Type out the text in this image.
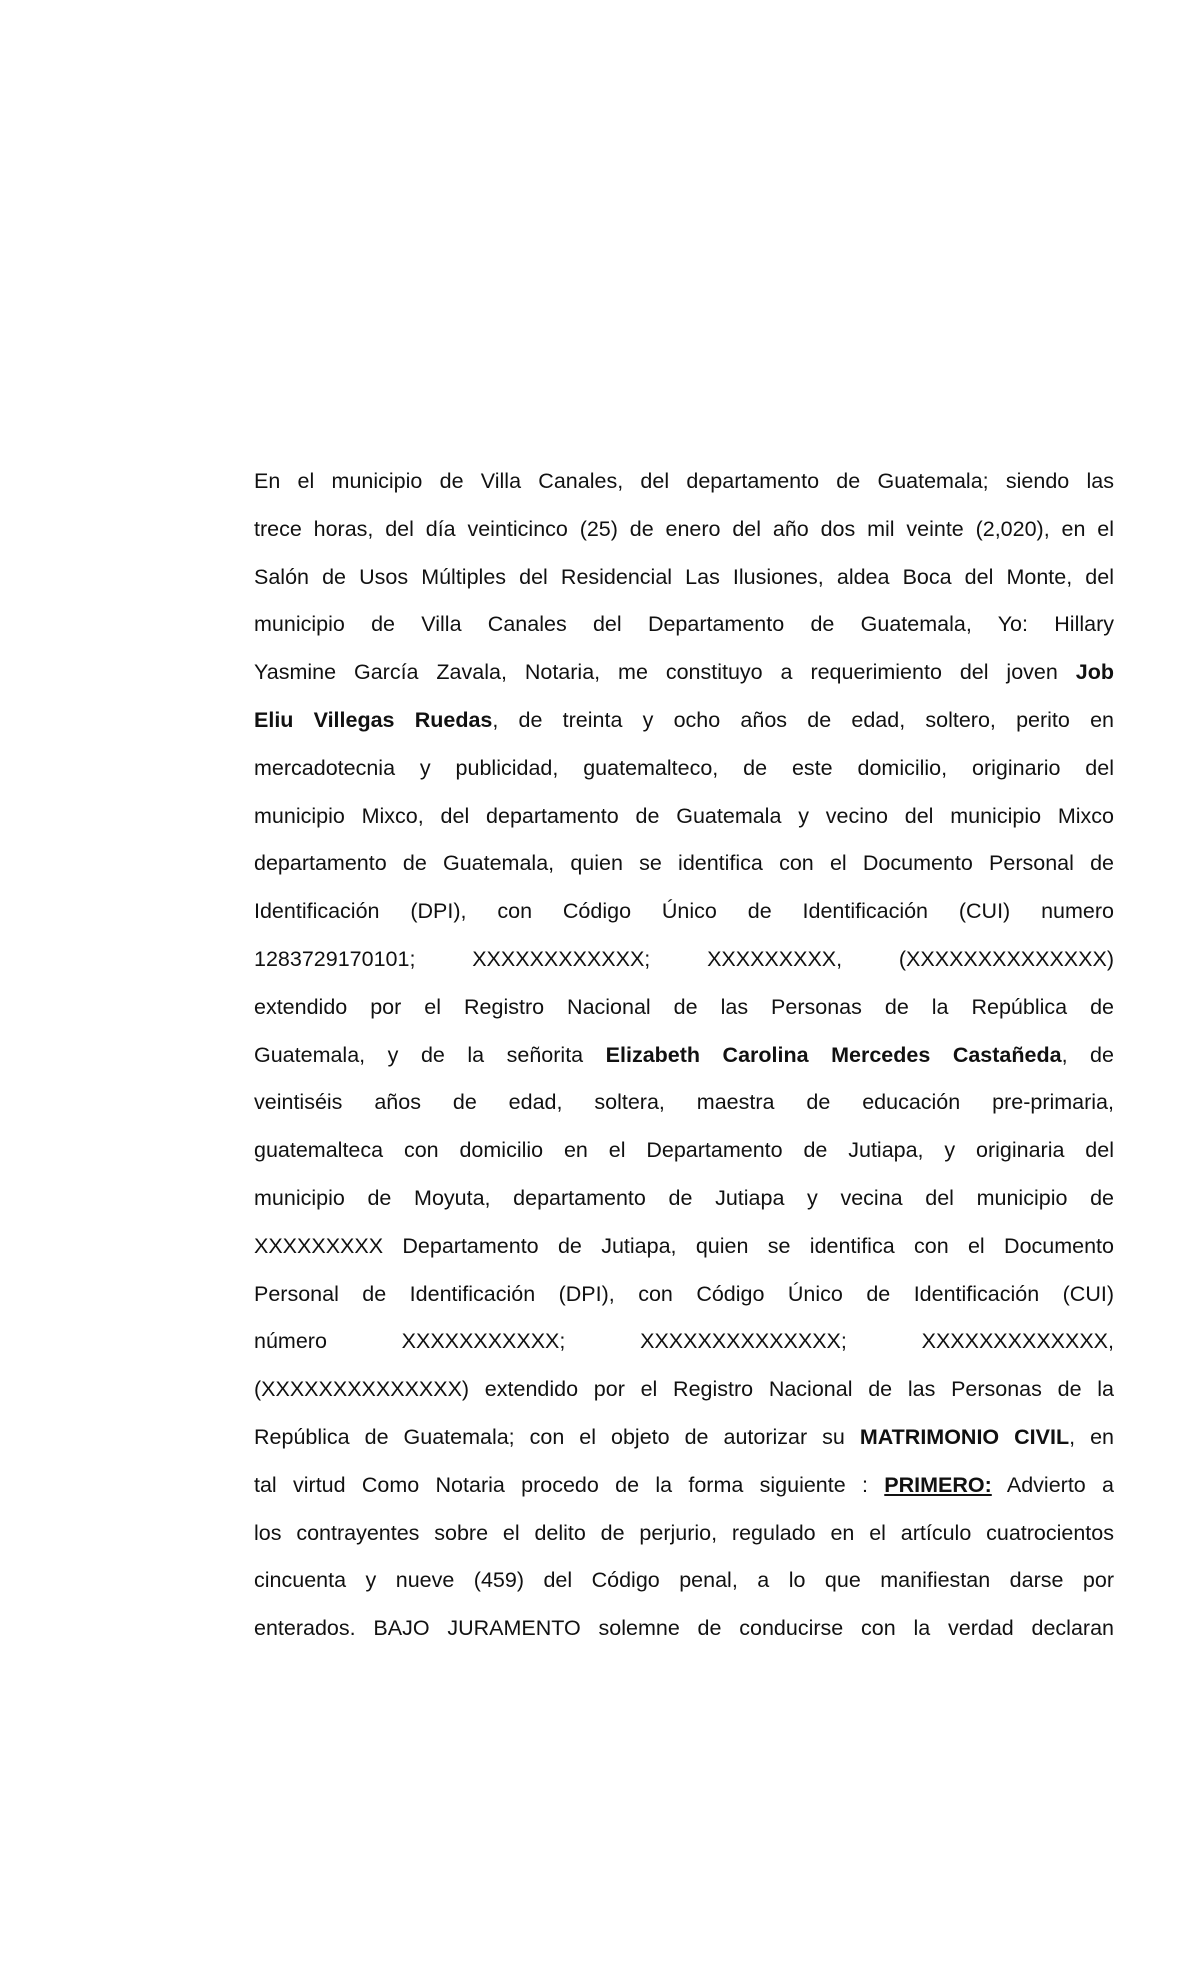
En el municipio de Villa Canales, del departamento de Guatemala; siendo las
trece horas, del día veinticinco (25) de enero del año dos mil veinte (2,020), en el
Salón de Usos Múltiples del Residencial Las Ilusiones, aldea Boca del Monte, del
municipio de Villa Canales del Departamento de Guatemala, Yo: Hillary
Yasmine García Zavala, Notaria, me constituyo a requerimiento del joven Job
Eliu Villegas Ruedas, de treinta y ocho años de edad, soltero, perito en
mercadotecnia y publicidad, guatemalteco, de este domicilio, originario del
municipio Mixco, del departamento de Guatemala y vecino del municipio Mixco
departamento de Guatemala, quien se identifica con el Documento Personal de
Identificación (DPI), con Código Único de Identificación (CUI) numero
1283729170101; XXXXXXXXXXXX; XXXXXXXXX, (XXXXXXXXXXXXXX)
extendido por el Registro Nacional de las Personas de la República de
Guatemala, y de la señorita Elizabeth Carolina Mercedes Castañeda, de
veintiséis años de edad, soltera, maestra de educación pre-primaria,
guatemalteca con domicilio en el Departamento de Jutiapa, y originaria del
municipio de Moyuta, departamento de Jutiapa y vecina del municipio de
XXXXXXXXX Departamento de Jutiapa, quien se identifica con el Documento
Personal de Identificación (DPI), con Código Único de Identificación (CUI)
número XXXXXXXXXXX; XXXXXXXXXXXXXX; XXXXXXXXXXXXX,
(XXXXXXXXXXXXXX) extendido por el Registro Nacional de las Personas de la
República de Guatemala; con el objeto de autorizar su MATRIMONIO CIVIL, en
tal virtud Como Notaria procedo de la forma siguiente : PRIMERO: Advierto a
los contrayentes sobre el delito de perjurio, regulado en el artículo cuatrocientos
cincuenta y nueve (459) del Código penal, a lo que manifiestan darse por
enterados. BAJO JURAMENTO solemne de conducirse con la verdad declaran
